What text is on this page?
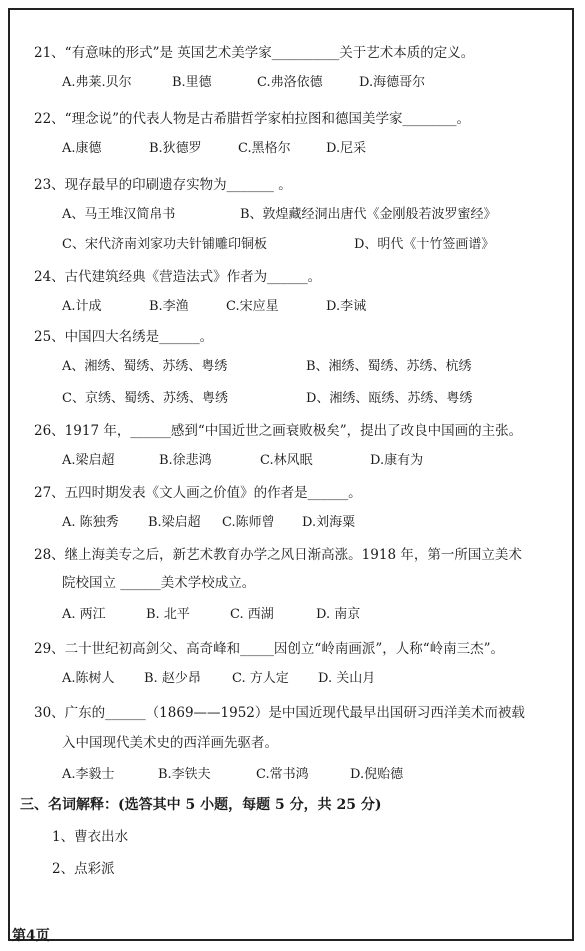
21、“有意味的形式”是 英国艺术美学家__________关于艺术本质的定义。
A.弗莱.贝尔	B.里德	C.弗洛依德	D.海德哥尔
22、“理念说”的代表人物是古希腊哲学家柏拉图和德国美学家________。
A.康德	B.狄德罗	C.黑格尔	D.尼采
23、现存最早的印刷遗存实物为_______ 。
A、马王堆汉简帛书	B、敦煌藏经洞出唐代《金刚般若波罗蜜经》
C、宋代济南刘家功夫针铺雕印铜板	D、明代《十竹签画谱》
24、古代建筑经典《营造法式》作者为______。
A.计成	B.李渔	C.宋应星	D.李诫
25、中国四大名绣是______。
A、湘绣、蜀绣、苏绣、粤绣	B、湘绣、蜀绣、苏绣、杭绣
C、京绣、蜀绣、苏绣、粤绣	D、湘绣、瓯绣、苏绣、粤绣
26、1917 年，______感到“中国近世之画衰败极矣”，提出了改良中国画的主张。
A.梁启超	B.徐悲鸿	C.林风眠	D.康有为
27、五四时期发表《文人画之价值》的作者是______。
A. 陈独秀 B.梁启超 C.陈师曾 D.刘海粟
28、继上海美专之后，新艺术教育办学之风日渐高涨。1918 年，第一所国立美术
院校国立 ______美术学校成立。
A. 两江	B. 北平	C. 西湖	D. 南京
29、二十世纪初高剑父、高奇峰和_____因创立“岭南画派”，人称“岭南三杰”。
A.陈树人 B. 赵少昂 C. 方人定 D. 关山月
30、广东的______（1869——1952）是中国近现代最早出国研习西洋美术而被载
入中国现代美术史的西洋画先驱者。
A.李毅士	B.李铁夫	C.常书鸿	D.倪贻德
三、名词解释：(选答其中 5 小题，每题 5 分，共 25 分)
1、曹衣出水
2、点彩派
第4页
